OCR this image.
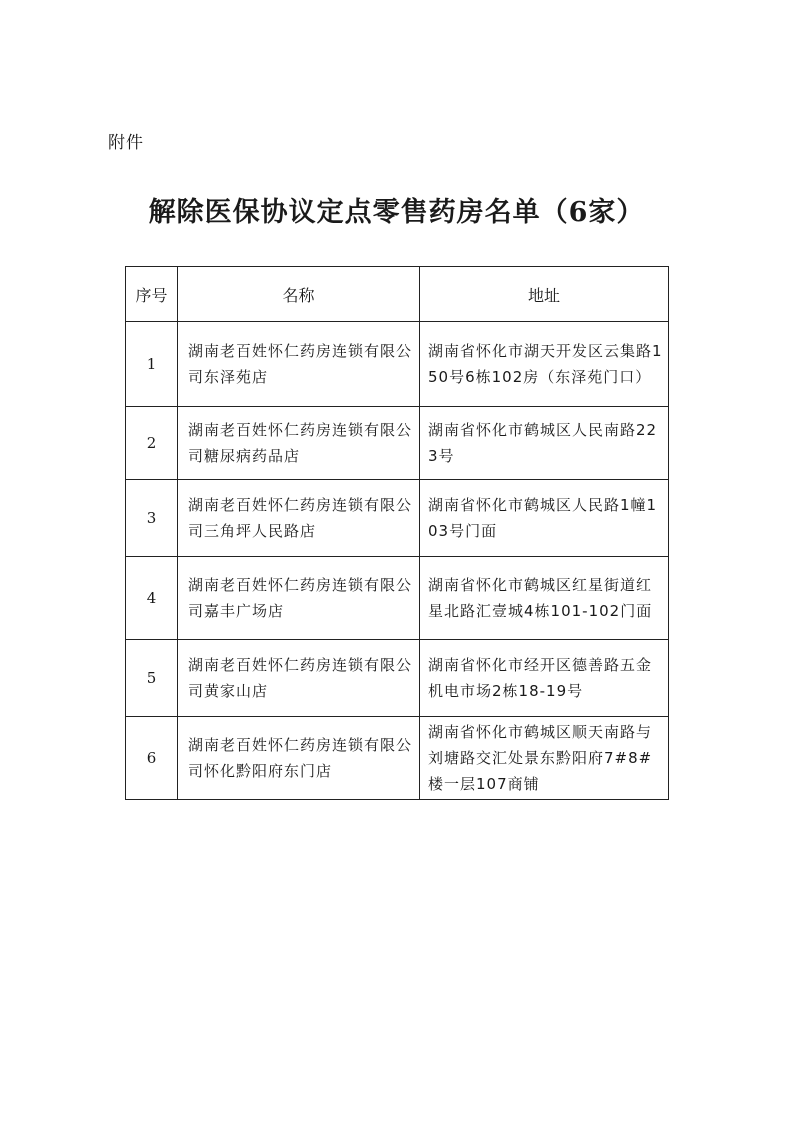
附件
解除医保协议定点零售药房名单（6家）
序号	名称	地址
1	湖南老百姓怀仁药房连锁有限公司东泽苑店	湖南省怀化市湖天开发区云集路150号6栋102房（东泽苑门口）

2	湖南老百姓怀仁药房连锁有限公司糖尿病药品店	湖南省怀化市鹤城区人民南路223号

3	湖南老百姓怀仁药房连锁有限公司三角坪人民路店	湖南省怀化市鹤城区人民路1幢103号门面

4	湖南老百姓怀仁药房连锁有限公司嘉丰广场店	湖南省怀化市鹤城区红星街道红星北路汇壹城4栋101-102门面

5	湖南老百姓怀仁药房连锁有限公司黄家山店	湖南省怀化市经开区德善路五金机电市场2栋18-19号

6	湖南老百姓怀仁药房连锁有限公司怀化黔阳府东门店	湖南省怀化市鹤城区顺天南路与刘塘路交汇处景东黔阳府7#8#楼一层107商铺
